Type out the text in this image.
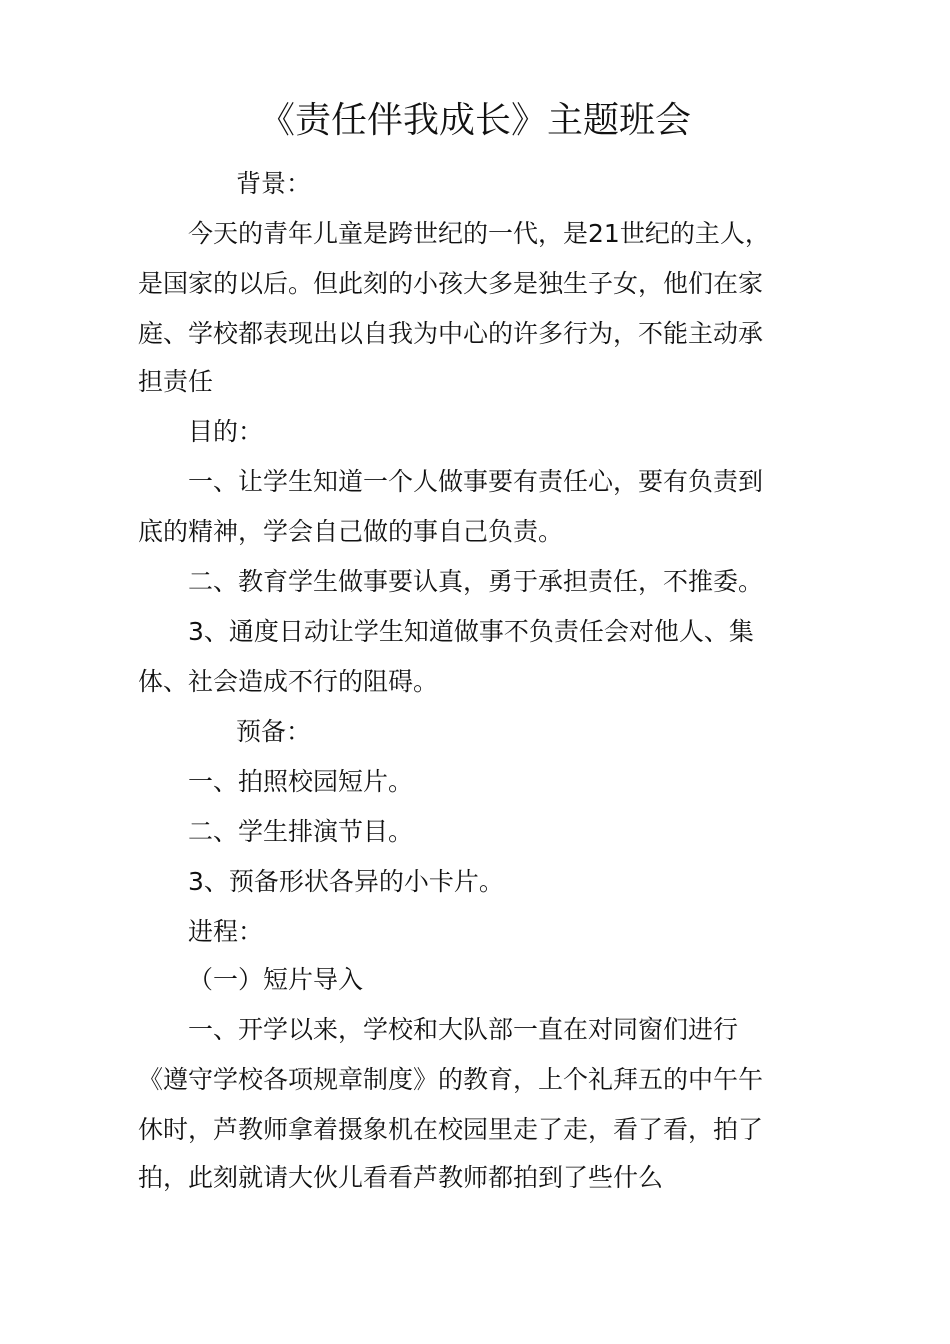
《责任伴我成长》主题班会

背景：

今天的青年儿童是跨世纪的一代，是21世纪的主人，

是国家的以后。但此刻的小孩大多是独生子女，他们在家

庭、学校都表现出以自我为中心的许多行为，不能主动承

担责任

目的：

一、让学生知道一个人做事要有责任心，要有负责到

底的精神，学会自己做的事自己负责。

二、教育学生做事要认真，勇于承担责任，不推委。

3、通度日动让学生知道做事不负责任会对他人、集

体、社会造成不行的阻碍。

预备：

一、拍照校园短片。

二、学生排演节目。

3、预备形状各异的小卡片。

进程：

（一）短片导入

一、开学以来，学校和大队部一直在对同窗们进行

《遵守学校各项规章制度》的教育，上个礼拜五的中午午

休时，芦教师拿着摄象机在校园里走了走，看了看，拍了

拍，此刻就请大伙儿看看芦教师都拍到了些什么
